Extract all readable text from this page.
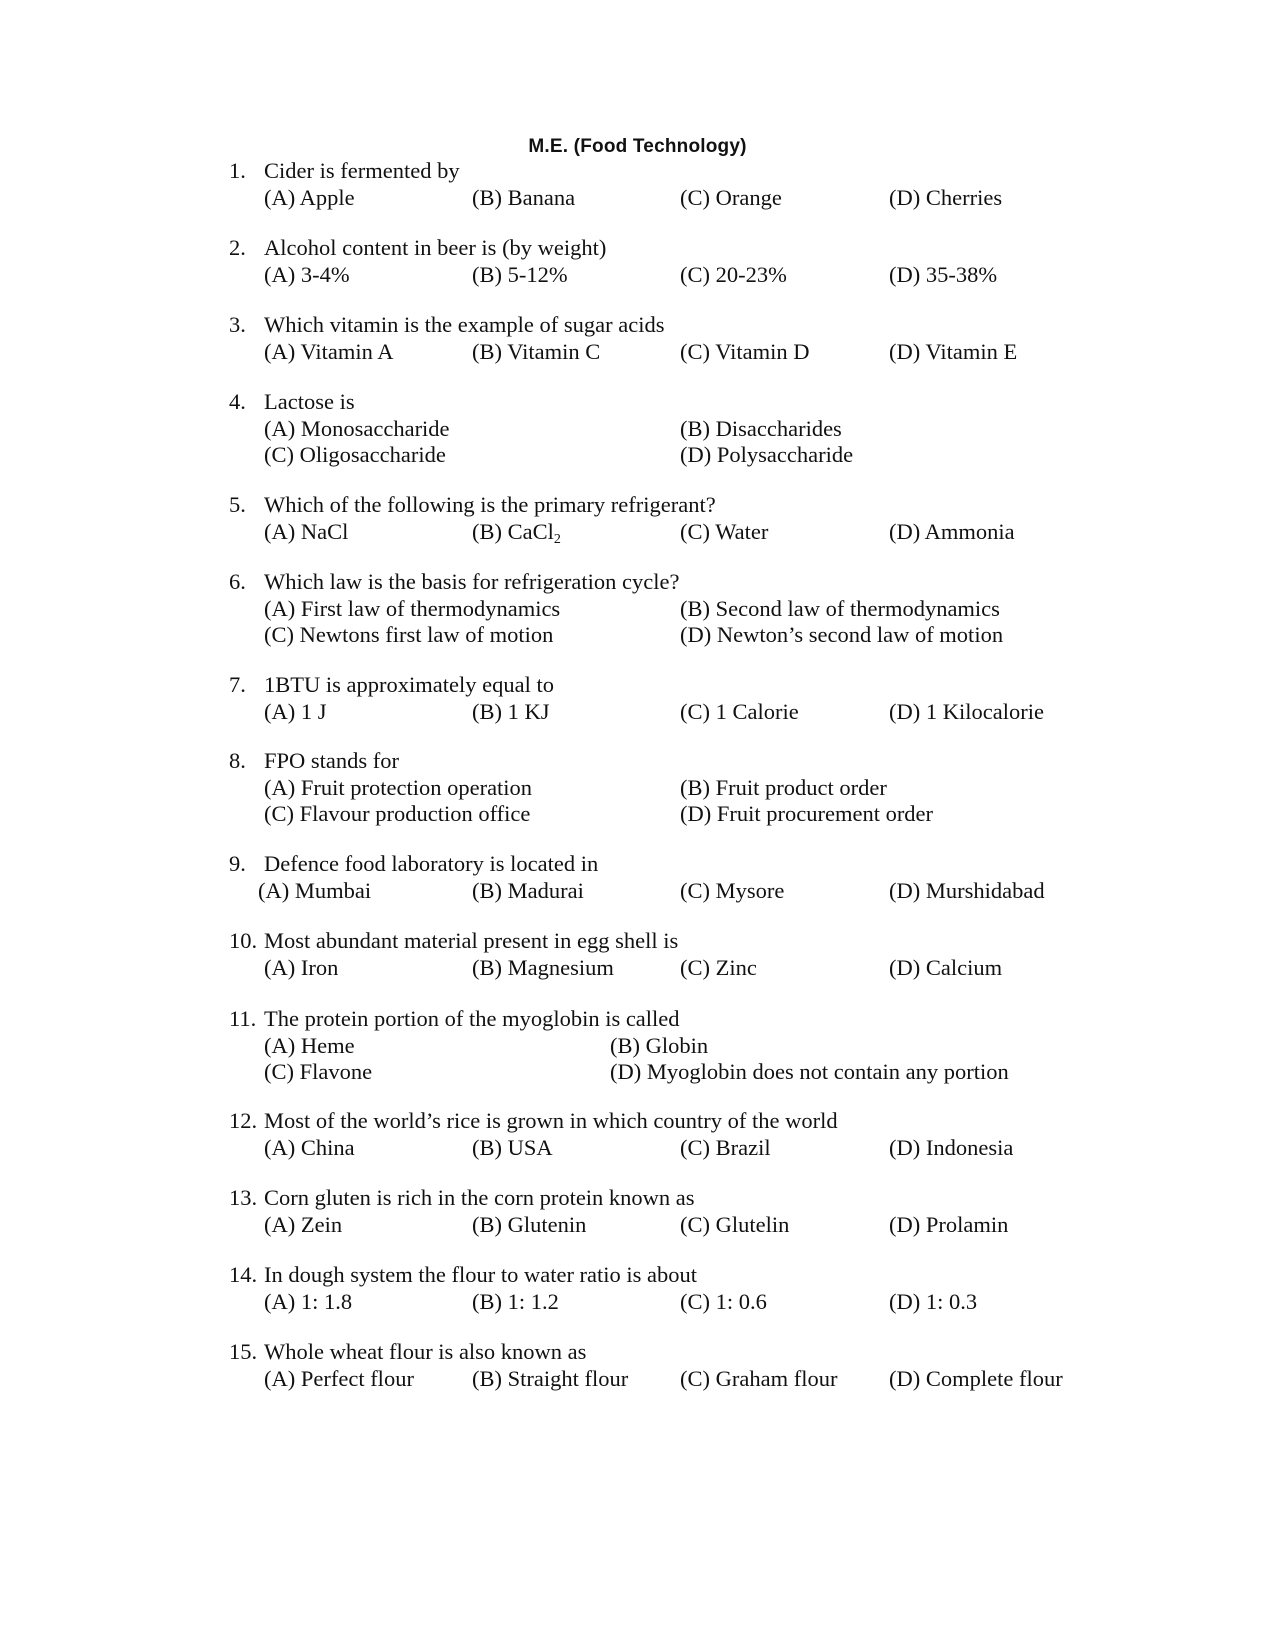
M.E. (Food Technology)
1. Cider is fermented by
(A) Apple	(B) Banana	(C) Orange	(D) Cherries
2. Alcohol content in beer is (by weight)
(A) 3-4%	(B) 5-12%	(C) 20-23%	(D) 35-38%
3. Which vitamin is the example of sugar acids
(A) Vitamin A	(B) Vitamin C	(C) Vitamin D	(D) Vitamin E
4. Lactose is
(A) Monosaccharide	(B) Disaccharides
(C) Oligosaccharide	(D) Polysaccharide
5. Which of the following is the primary refrigerant?
(A) NaCl	(B) CaCl$_2$	(C) Water	(D) Ammonia
6. Which law is the basis for refrigeration cycle?
(A) First law of thermodynamics	(B) Second law of thermodynamics
(C) Newtons first law of motion	(D) Newton’s second law of motion
7. 1BTU is approximately equal to
(A) 1 J	(B) 1 KJ	(C) 1 Calorie	(D) 1 Kilocalorie
8. FPO stands for
(A) Fruit protection operation	(B) Fruit product order
(C) Flavour production office	(D) Fruit procurement order
9. Defence food laboratory is located in
(A) Mumbai	(B) Madurai	(C) Mysore	(D) Murshidabad
10. Most abundant material present in egg shell is
(A) Iron	(B) Magnesium	(C) Zinc	(D) Calcium
11. The protein portion of the myoglobin is called
(A) Heme	(B) Globin
(C) Flavone	(D) Myoglobin does not contain any portion
12. Most of the world’s rice is grown in which country of the world
(A) China	(B) USA	(C) Brazil	(D) Indonesia
13. Corn gluten is rich in the corn protein known as
(A) Zein	(B) Glutenin	(C) Glutelin	(D) Prolamin
14. In dough system the flour to water ratio is about
(A) 1: 1.8	(B) 1: 1.2	(C) 1: 0.6	(D) 1: 0.3
15. Whole wheat flour is also known as
(A) Perfect flour	(B) Straight flour (C) Graham flour (D) Complete flour
